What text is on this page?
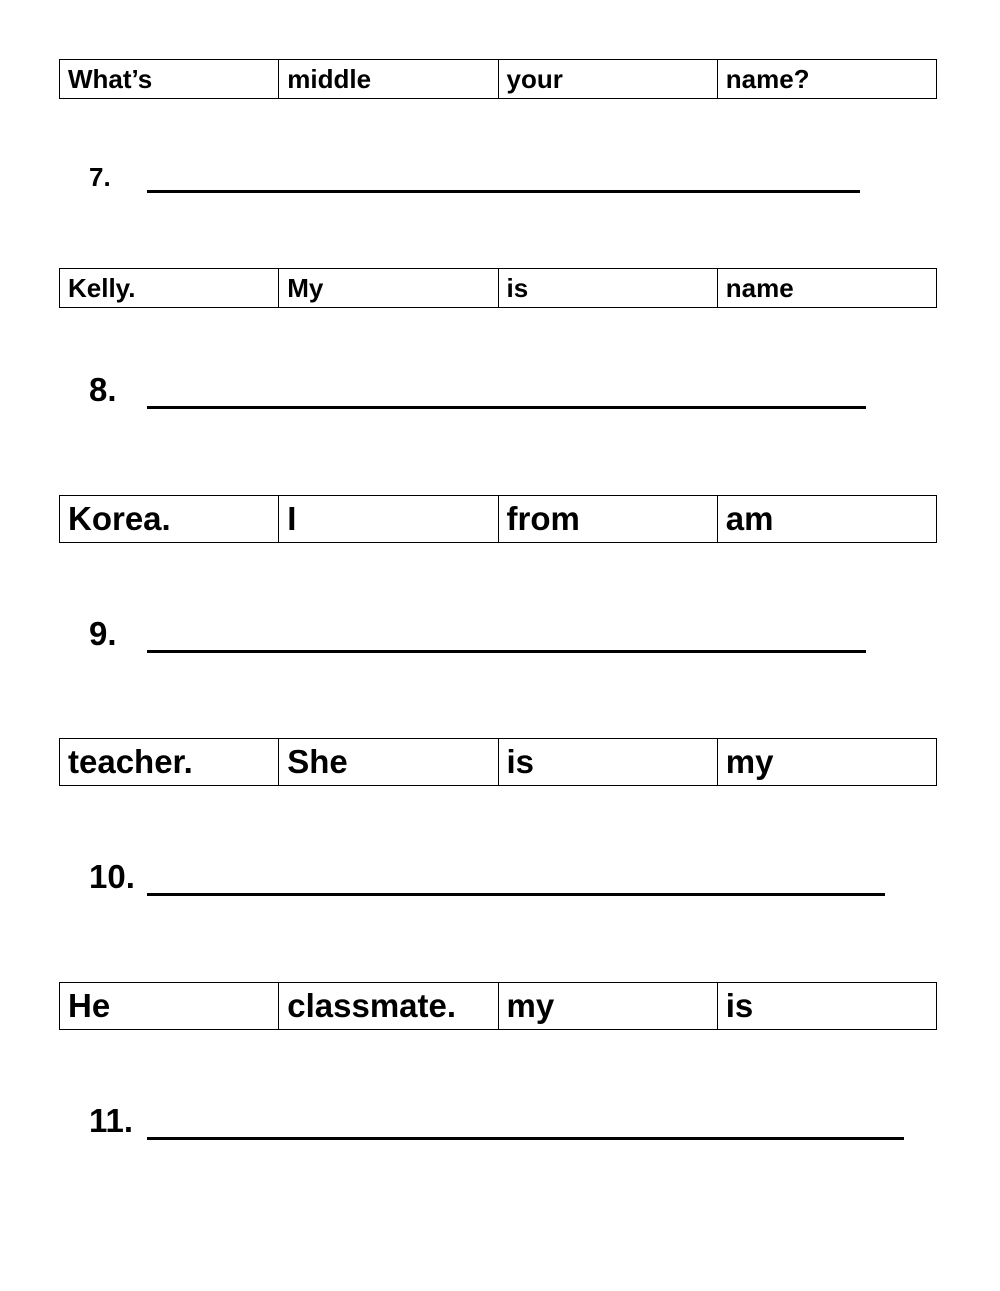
What’s	middle	your	name?
7.
Kelly.	My	is	name
8.
Korea.	I	from	am
9.
teacher.	She	is	my
10.
He	classmate.	my	is
11.
